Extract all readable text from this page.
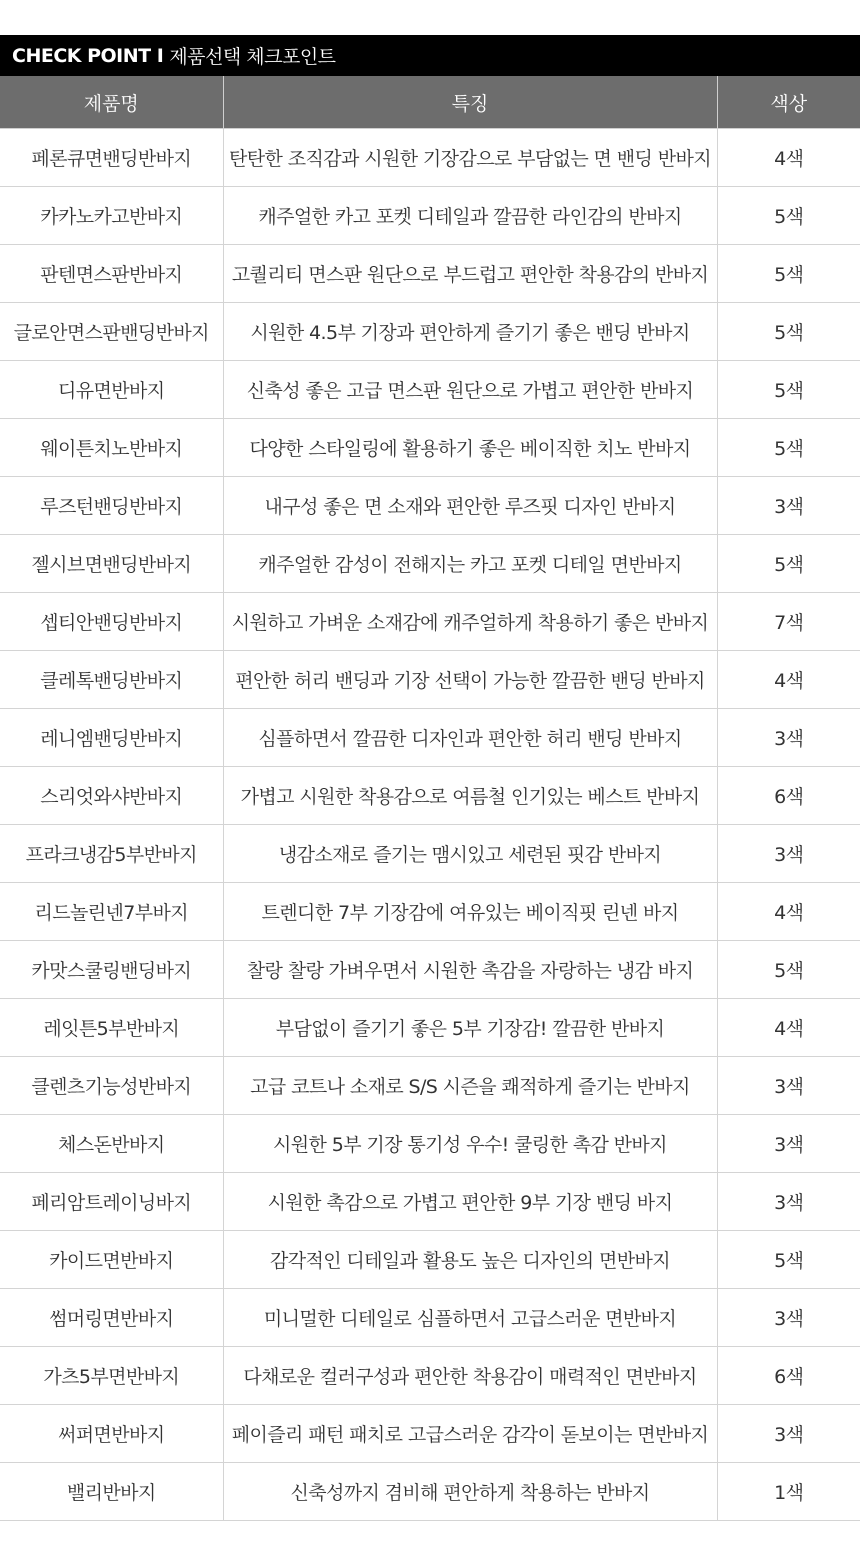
CHECK POINT I 제품선택 체크포인트
제품명	특징	색상
페론큐면밴딩반바지	탄탄한 조직감과 시원한 기장감으로 부담없는 면 밴딩 반바지	4색
카카노카고반바지	캐주얼한 카고 포켓 디테일과 깔끔한 라인감의 반바지	5색
판텐면스판반바지	고퀄리티 면스판 원단으로 부드럽고 편안한 착용감의 반바지	5색
글로안면스판밴딩반바지	시원한 4.5부 기장과 편안하게 즐기기 좋은 밴딩 반바지	5색
디유면반바지	신축성 좋은 고급 면스판 원단으로 가볍고 편안한 반바지	5색
웨이튼치노반바지	다양한 스타일링에 활용하기 좋은 베이직한 치노 반바지	5색
루즈턴밴딩반바지	내구성 좋은 면 소재와 편안한 루즈핏 디자인 반바지	3색
젤시브면밴딩반바지	캐주얼한 감성이 전해지는 카고 포켓 디테일 면반바지	5색
셉티안밴딩반바지	시원하고 가벼운 소재감에 캐주얼하게 착용하기 좋은 반바지	7색
클레톡밴딩반바지	편안한 허리 밴딩과 기장 선택이 가능한 깔끔한 밴딩 반바지	4색
레니엠밴딩반바지	심플하면서 깔끔한 디자인과 편안한 허리 밴딩 반바지	3색
스리엇와샤반바지	가볍고 시원한 착용감으로 여름철 인기있는 베스트 반바지	6색
프라크냉감5부반바지	냉감소재로 즐기는 맴시있고 세련된 핏감 반바지	3색
리드놀린넨7부바지	트렌디한 7부 기장감에 여유있는 베이직핏 린넨 바지	4색
카맛스쿨링밴딩바지	찰랑 찰랑 가벼우면서 시원한 촉감을 자랑하는 냉감 바지	5색
레잇튼5부반바지	부담없이 즐기기 좋은 5부 기장감! 깔끔한 반바지	4색
클렌츠기능성반바지	고급 코트나 소재로 S/S 시즌을 쾌적하게 즐기는 반바지	3색
체스돈반바지	시원한 5부 기장 통기성 우수! 쿨링한 촉감 반바지	3색
페리암트레이닝바지	시원한 촉감으로 가볍고 편안한 9부 기장 밴딩 바지	3색
카이드면반바지	감각적인 디테일과 활용도 높은 디자인의 면반바지	5색
썸머링면반바지	미니멀한 디테일로 심플하면서 고급스러운 면반바지	3색
가츠5부면반바지	다채로운 컬러구성과 편안한 착용감이 매력적인 면반바지	6색
써퍼면반바지	페이즐리 패턴 패치로 고급스러운 감각이 돋보이는 면반바지	3색
밸리반바지	신축성까지 겸비해 편안하게 착용하는 반바지	1색
